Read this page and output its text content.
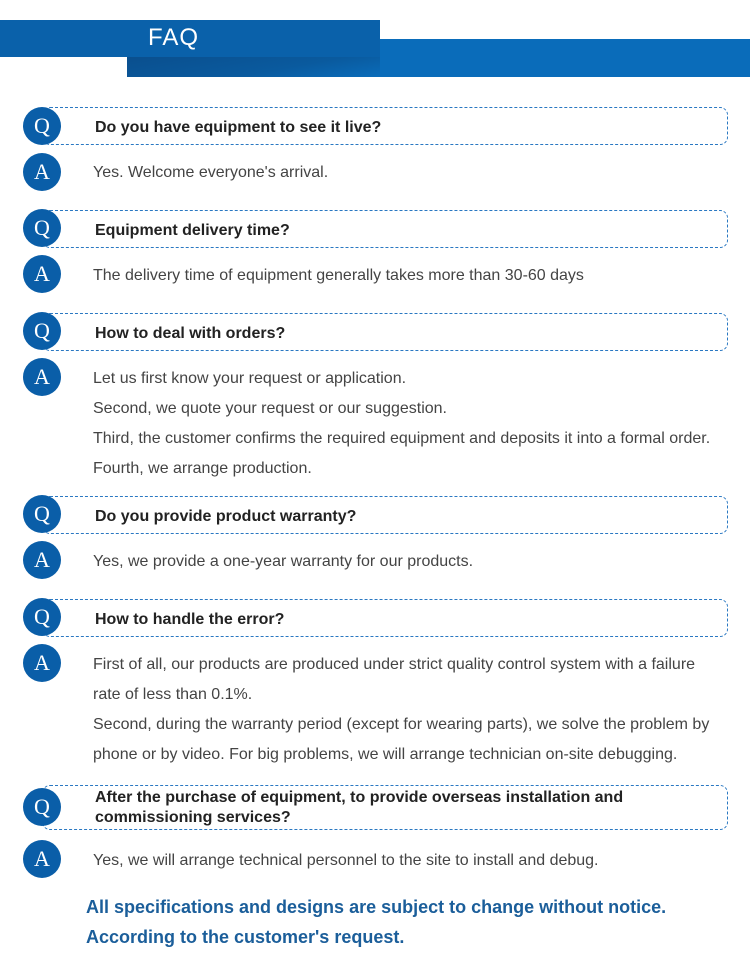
FAQ
Q	Do you have equipment to see it live?
A	Yes. Welcome everyone's arrival.
Q	Equipment delivery time?
A	The delivery time of equipment generally takes more than 30-60 days
Q	How to deal with orders?
A	Let us first know your request or application.
Second, we quote your request or our suggestion.
Third, the customer confirms the required equipment and deposits it into a formal order.
Fourth, we arrange production.
Q	Do you provide product warranty?
A	Yes, we provide a one-year warranty for our products.
Q	How to handle the error?
A	First of all, our products are produced under strict quality control system with a failure
rate of less than 0.1%.
Second, during the warranty period (except for wearing parts), we solve the problem by
phone or by video. For big problems, we will arrange technician on-site debugging.
Q	After the purchase of equipment, to provide overseas installation and
commissioning services?
A	Yes, we will arrange technical personnel to the site to install and debug.
All specifications and designs are subject to change without notice.
According to the customer's request.
